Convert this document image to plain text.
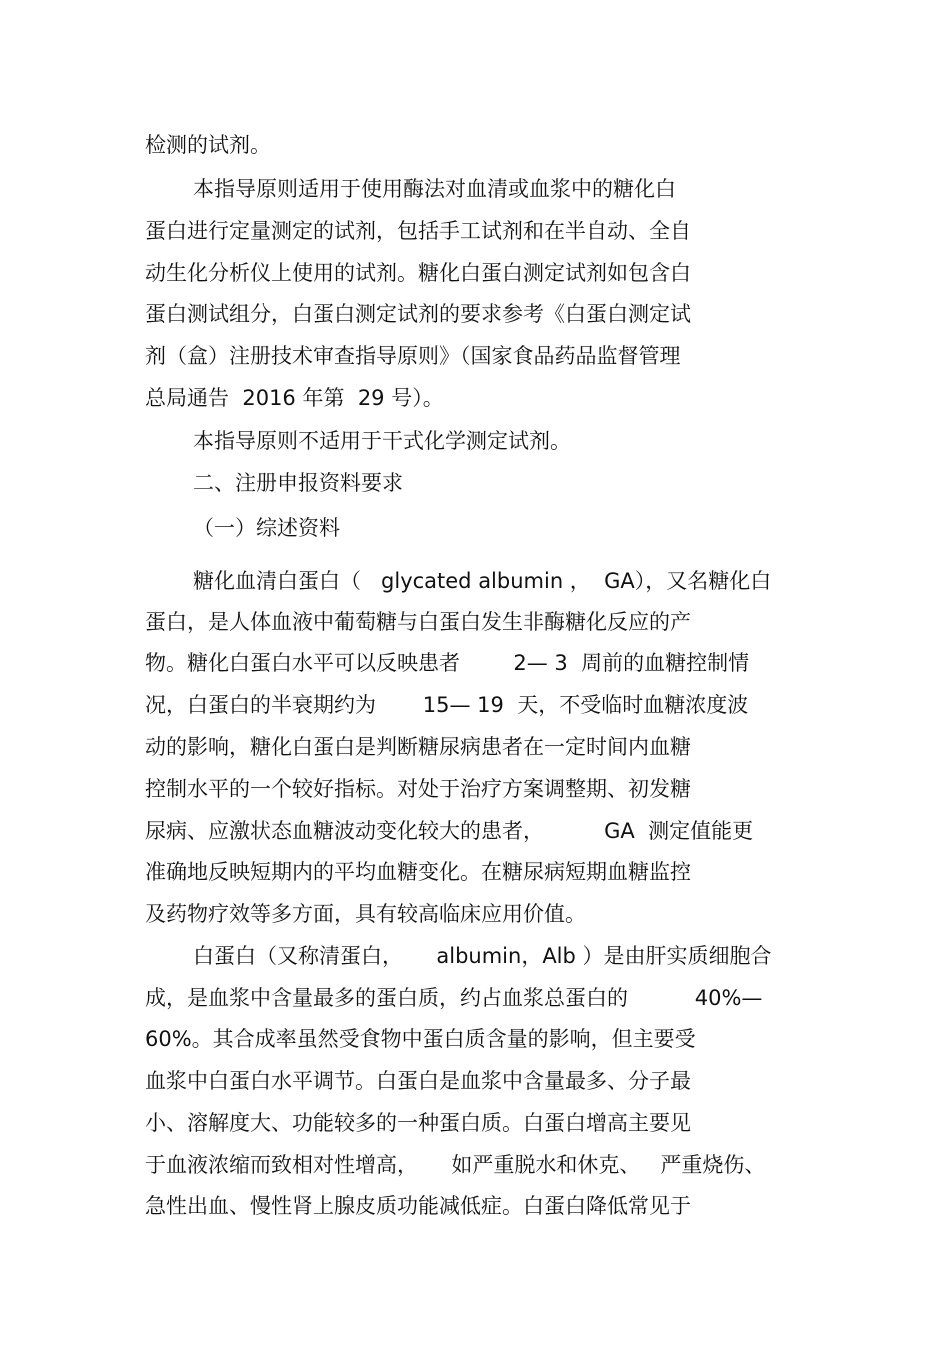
检测的试剂。
本指导原则适用于使用酶法对血清或血浆中的糖化白
蛋白进行定量测定的试剂，包括手工试剂和在半自动、全自
动生化分析仪上使用的试剂。糖化白蛋白测定试剂如包含白
蛋白测试组分，白蛋白测定试剂的要求参考《白蛋白测定试
剂（盒）注册技术审查指导原则》（国家食品药品监督管理
总局通告  2016 年第  29 号）。
本指导原则不适用于干式化学测定试剂。
二、注册申报资料要求
（一）综述资料
糖化血清白蛋白（   glycated albumin ，  GA），又名糖化白
蛋白，是人体血液中葡萄糖与白蛋白发生非酶糖化反应的产
物。糖化白蛋白水平可以反映患者        2— 3  周前的血糖控制情
况，白蛋白的半衰期约为       15— 19  天，不受临时血糖浓度波
动的影响，糖化白蛋白是判断糖尿病患者在一定时间内血糖
控制水平的一个较好指标。对处于治疗方案调整期、初发糖
尿病、应激状态血糖波动变化较大的患者，         GA  测定值能更
准确地反映短期内的平均血糖变化。在糖尿病短期血糖监控
及药物疗效等多方面，具有较高临床应用价值。
白蛋白（又称清蛋白，     albumin，Alb ）是由肝实质细胞合
成，是血浆中含量最多的蛋白质，约占血浆总蛋白的          40%—
60%。其合成率虽然受食物中蛋白质含量的影响，但主要受
血浆中白蛋白水平调节。白蛋白是血浆中含量最多、分子最
小、溶解度大、功能较多的一种蛋白质。白蛋白增高主要见
于血液浓缩而致相对性增高，     如严重脱水和休克、   严重烧伤、
急性出血、慢性肾上腺皮质功能减低症。白蛋白降低常见于
